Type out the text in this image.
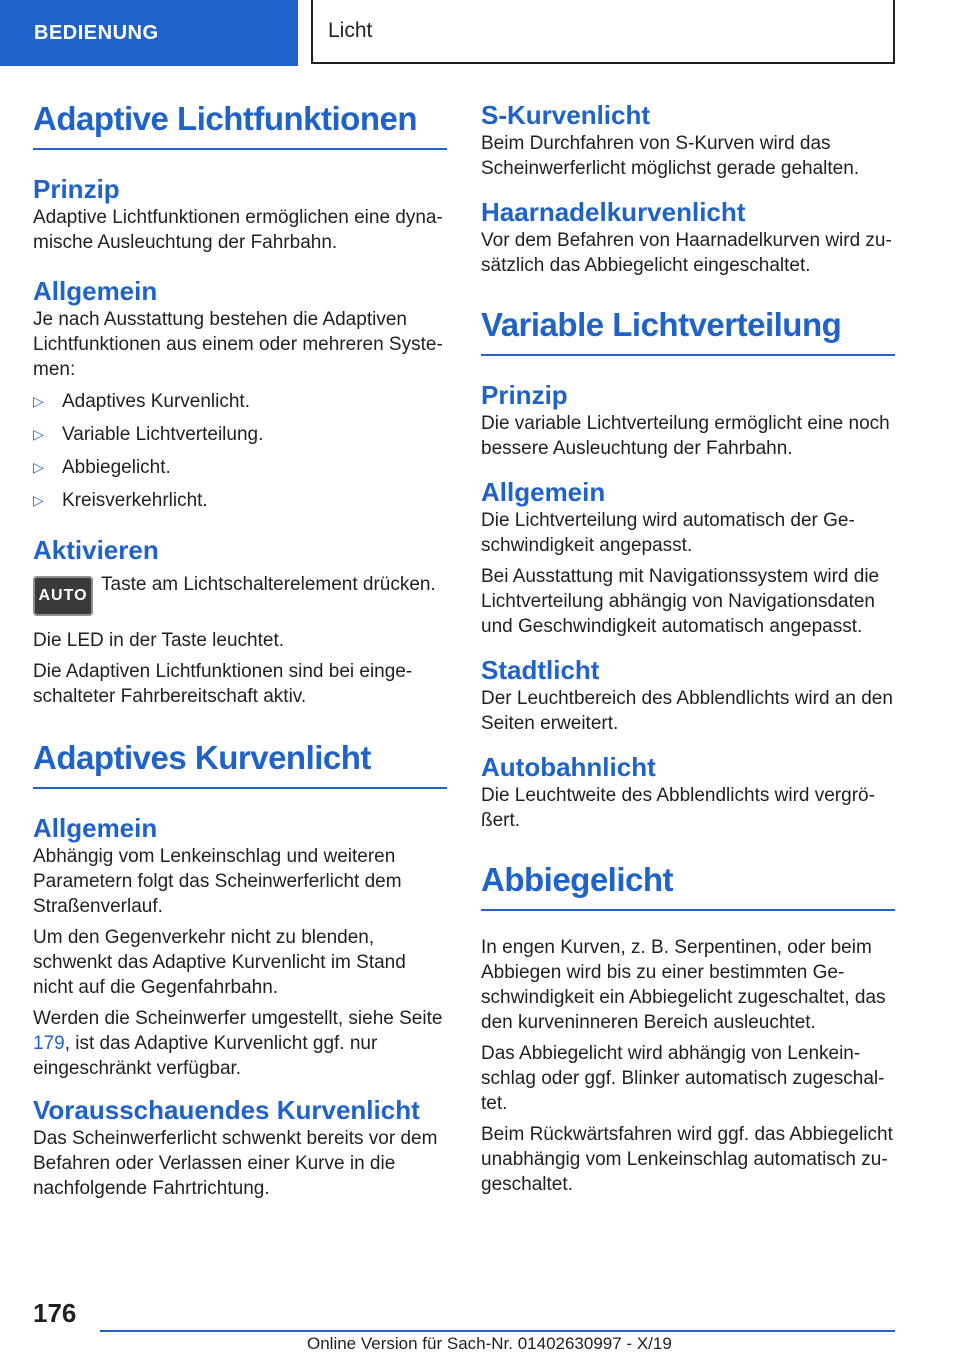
BEDIENUNG	Licht
Adaptive Lichtfunktionen
Prinzip

Adaptive Lichtfunktionen ermöglichen eine dynamische Ausleuchtung der Fahrbahn.

Allgemein

Je nach Ausstattung bestehen die Adaptiven Lichtfunktionen aus einem oder mehreren Systemen:

▷ Adaptives Kurvenlicht.
▷ Variable Lichtverteilung.
▷ Abbiegelicht.
▷ Kreisverkehrlicht.
Aktivieren
AUTO

Taste am Lichtschalterelement drücken.

Die LED in der Taste leuchtet.

Die Adaptiven Lichtfunktionen sind bei eingeschalteter Fahrbereitschaft aktiv.

Adaptives Kurvenlicht
Allgemein

Abhängig vom Lenkeinschlag und weiteren Parametern folgt das Scheinwerferlicht dem Straßenverlauf.

Um den Gegenverkehr nicht zu blenden, schwenkt das Adaptive Kurvenlicht im Stand nicht auf die Gegenfahrbahn.

Werden die Scheinwerfer umgestellt, siehe Seite 179, ist das Adaptive Kurvenlicht ggf. nur eingeschränkt verfügbar.

Vorausschauendes Kurvenlicht

Das Scheinwerferlicht schwenkt bereits vor dem Befahren oder Verlassen einer Kurve in die nachfolgende Fahrtrichtung.

S-Kurvenlicht

Beim Durchfahren von S-Kurven wird das Scheinwerferlicht möglichst gerade gehalten.

Haarnadelkurvenlicht

Vor dem Befahren von Haarnadelkurven wird zusätzlich das Abbiegelicht eingeschaltet.

Variable Lichtverteilung
Prinzip

Die variable Lichtverteilung ermöglicht eine noch bessere Ausleuchtung der Fahrbahn.

Allgemein

Die Lichtverteilung wird automatisch der Geschwindigkeit angepasst.

Bei Ausstattung mit Navigationssystem wird die Lichtverteilung abhängig von Navigationsdaten und Geschwindigkeit automatisch angepasst.

Stadtlicht

Der Leuchtbereich des Abblendlichts wird an den Seiten erweitert.

Autobahnlicht

Die Leuchtweite des Abblendlichts wird vergrößert.

Abbiegelicht

In engen Kurven, z. B. Serpentinen, oder beim Abbiegen wird bis zu einer bestimmten Geschwindigkeit ein Abbiegelicht zugeschaltet, das den kurveninneren Bereich ausleuchtet.

Das Abbiegelicht wird abhängig von Lenkeinschlag oder ggf. Blinker automatisch zugeschaltet.

Beim Rückwärtsfahren wird ggf. das Abbiegelicht unabhängig vom Lenkeinschlag automatisch zugeschaltet.

176
Online Version für Sach-Nr. 01402630997 - X/19
